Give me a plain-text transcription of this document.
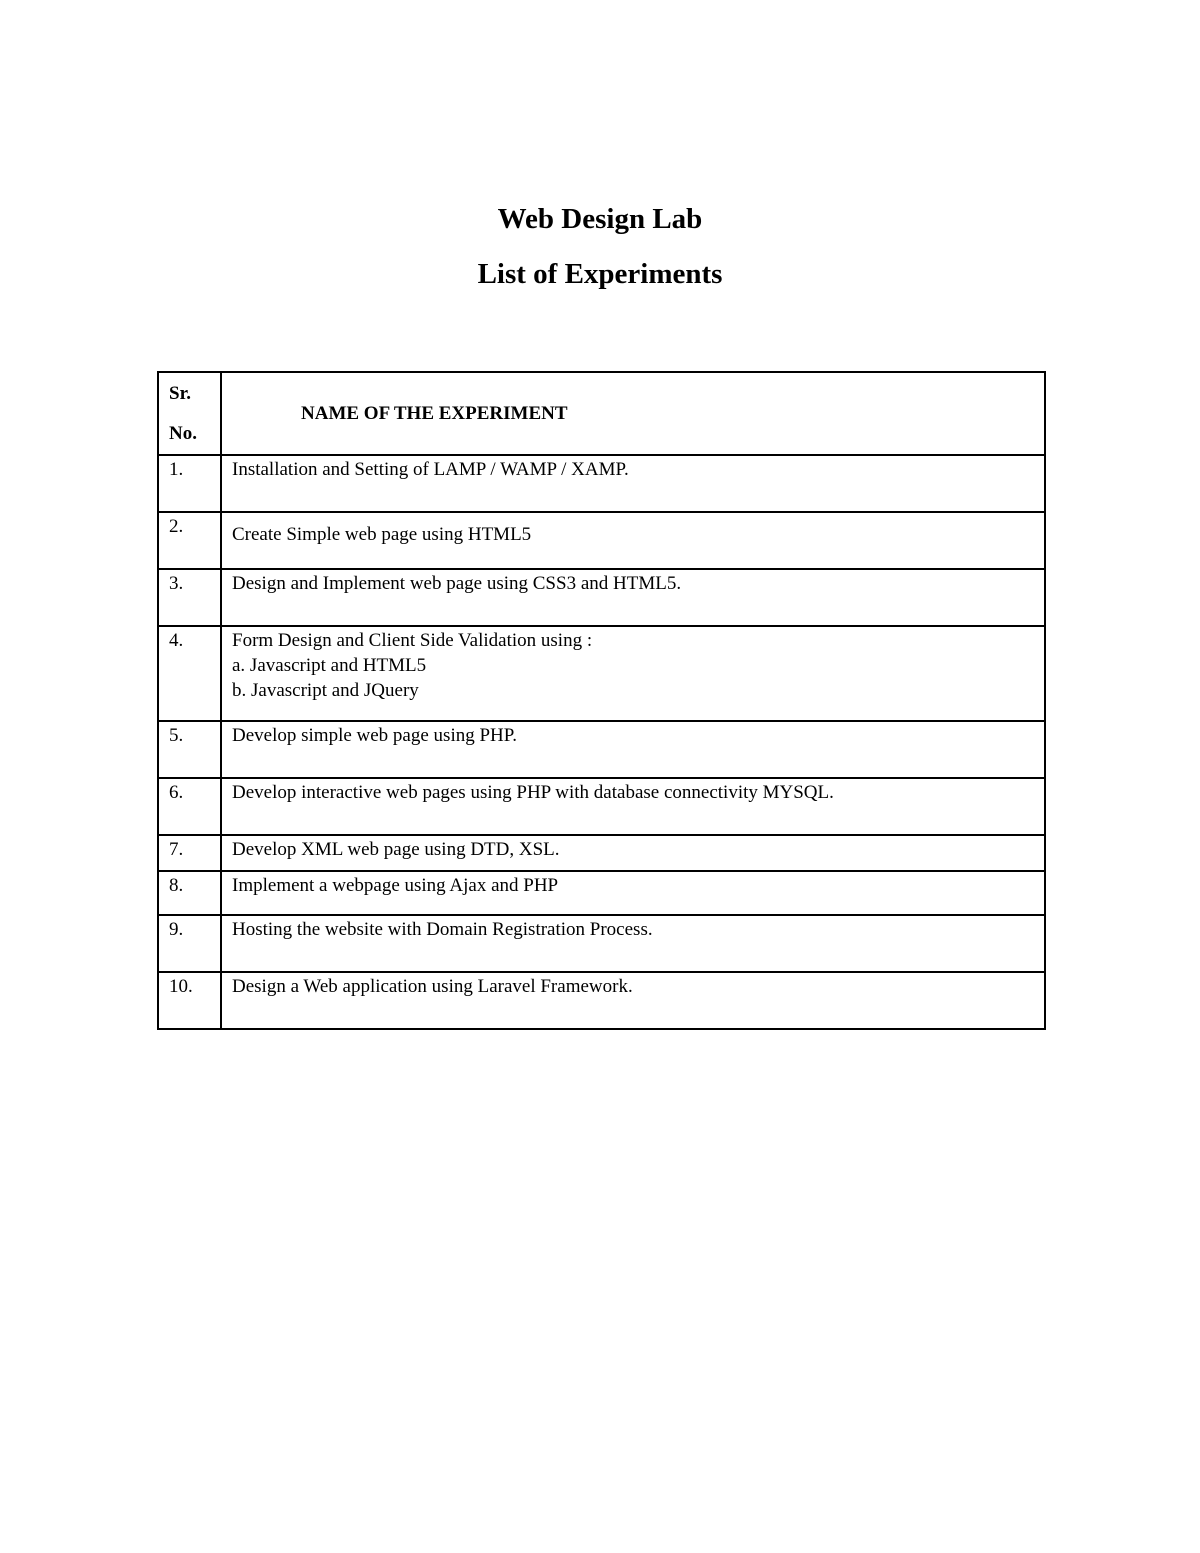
Web Design Lab
List of Experiments
Sr.
No.	NAME OF THE EXPERIMENT
1.	Installation and Setting of LAMP / WAMP / XAMP.
2.	Create Simple web page using HTML5
3.	Design and Implement web page using CSS3 and HTML5.
4.	Form Design and Client Side Validation using :
a. Javascript and HTML5
b. Javascript and JQuery

5.	Develop simple web page using PHP.
6.	Develop interactive web pages using PHP with database connectivity MYSQL.
7.	Develop XML web page using DTD, XSL.
8.	Implement a webpage using Ajax and PHP
9.	Hosting the website with Domain Registration Process.
10.	Design a Web application using Laravel Framework.
